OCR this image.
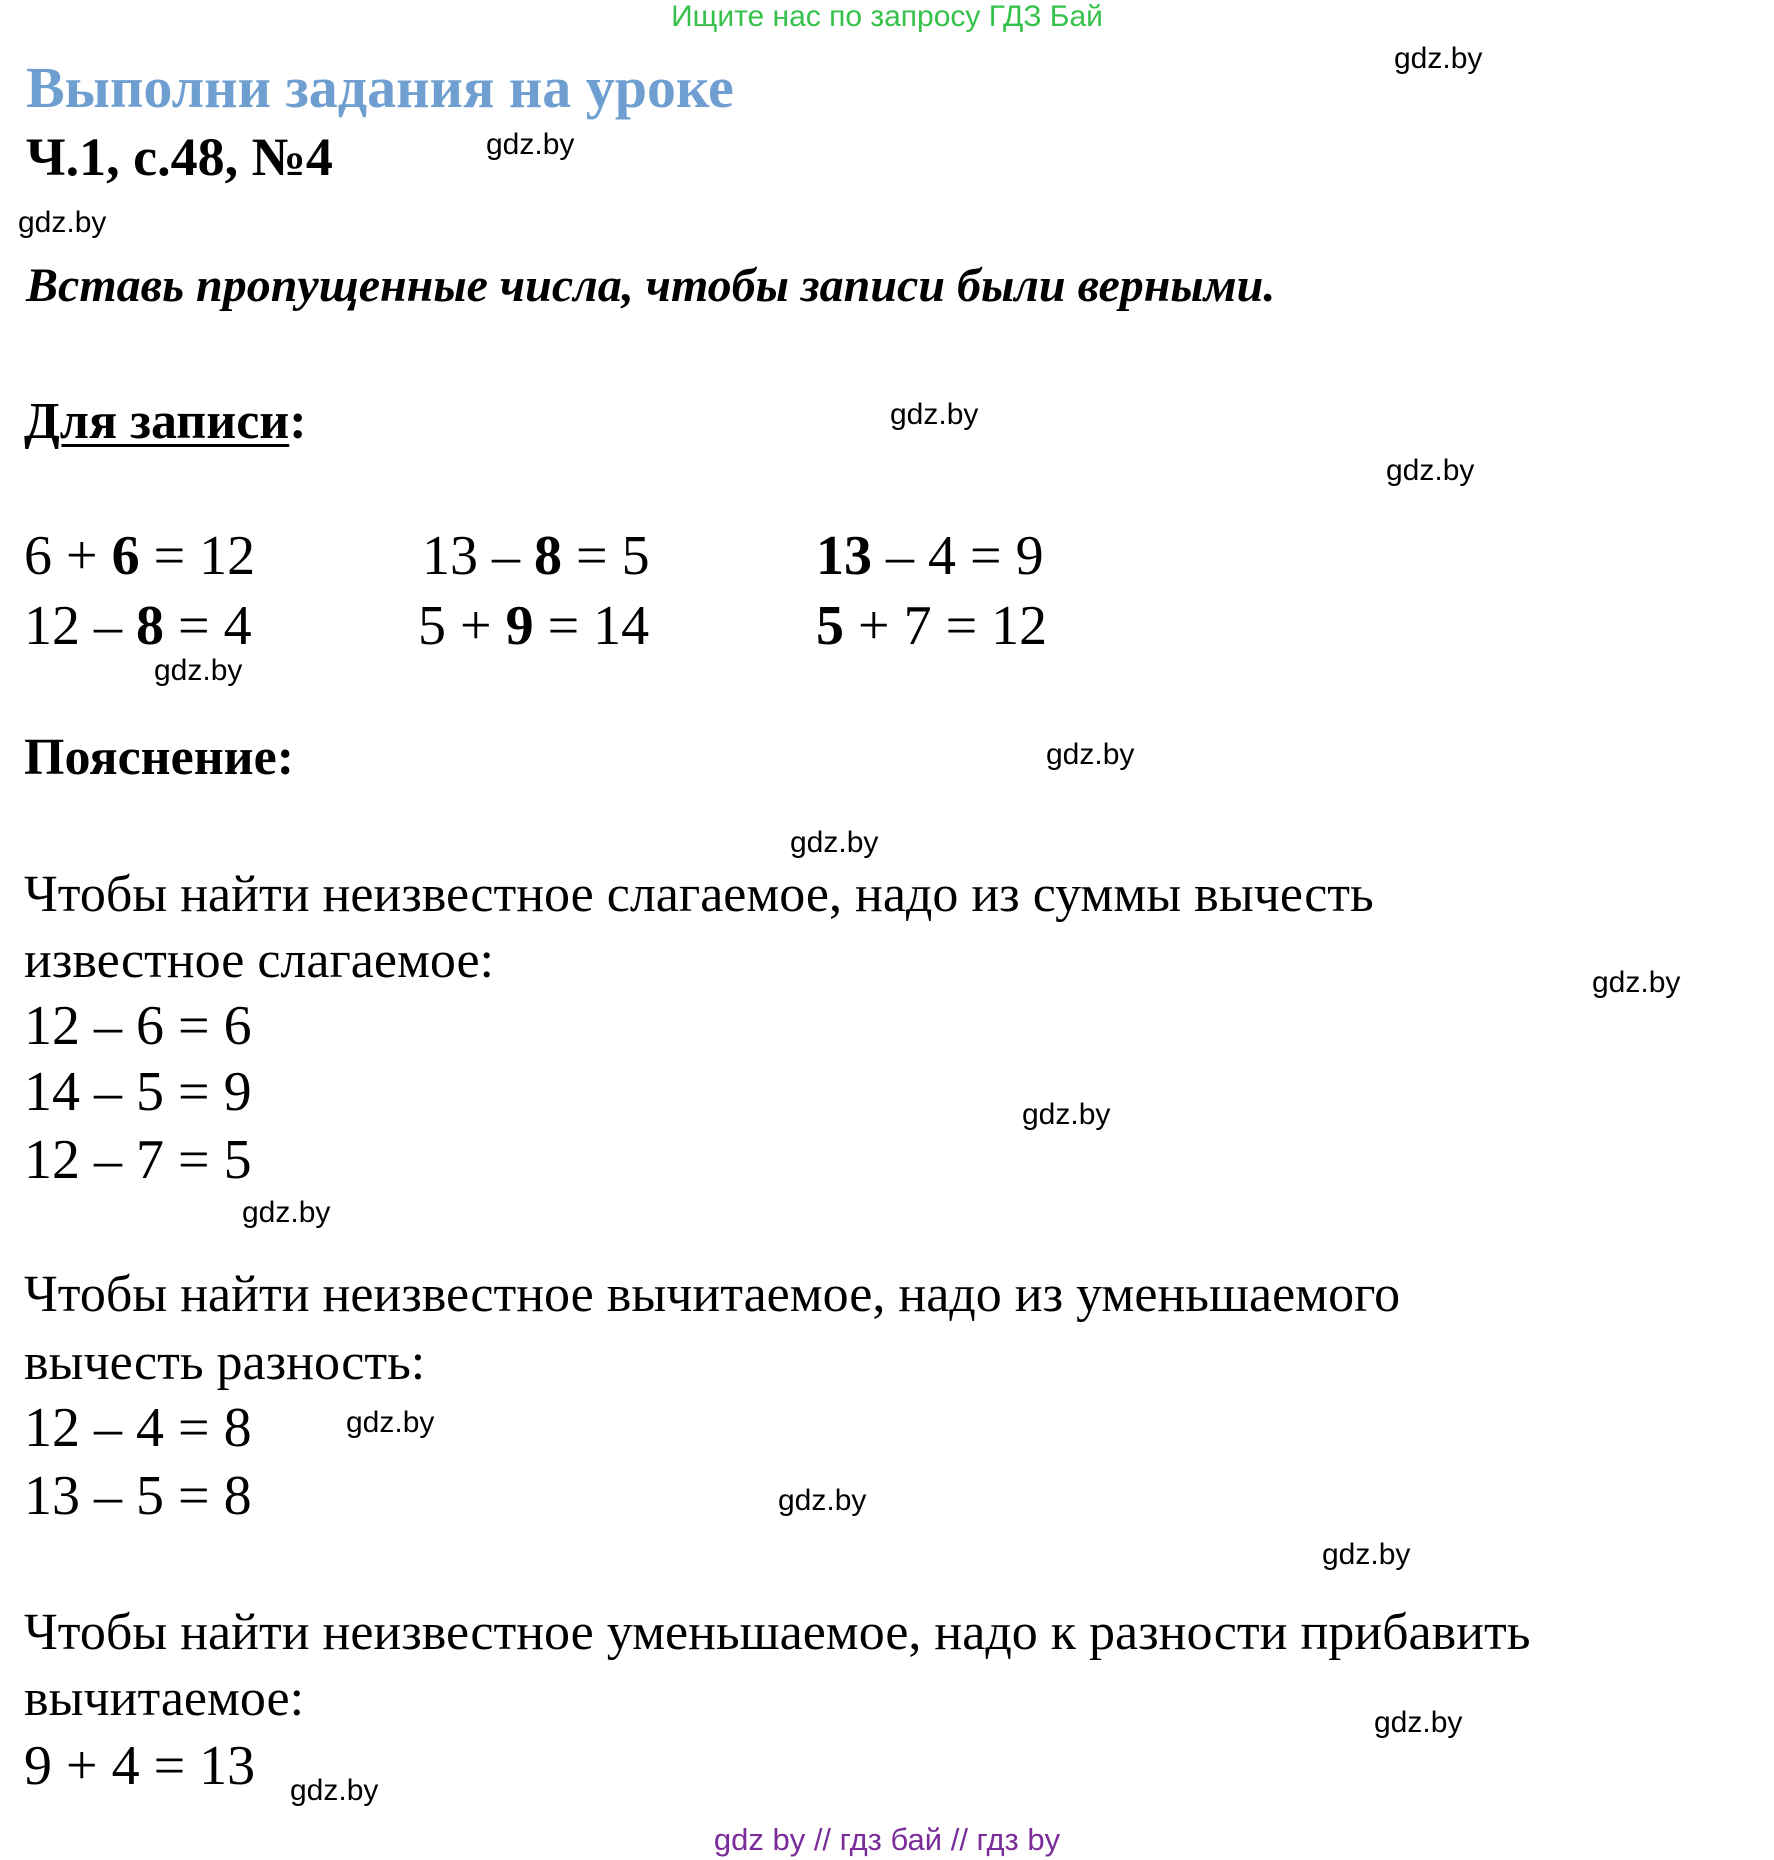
Ищите нас по запросу ГДЗ Бай
Выполни задания на уроке
Ч.1, с.48, №4
Вставь пропущенные числа, чтобы записи были верными.
Для записи:
6 + 6 = 12
12 – 8 = 4
13 – 8 = 5
5 + 9 = 14
13 – 4 = 9
5 + 7 = 12
Пояснение:
Чтобы найти неизвестное слагаемое, надо из суммы вычесть
известное слагаемое:
12 – 6 = 6
14 – 5 = 9
12 – 7 = 5
Чтобы найти неизвестное вычитаемое, надо из уменьшаемого
вычесть разность:
12 – 4 = 8
13 – 5 = 8
Чтобы найти неизвестное уменьшаемое, надо к разности прибавить
вычитаемое:
9 + 4 = 13
gdz.by
gdz.by
gdz.by
gdz.by
gdz.by
gdz.by
gdz.by
gdz.by
gdz.by
gdz.by
gdz.by
gdz.by
gdz.by
gdz.by
gdz.by
gdz.by
gdz by // гдз бай // гдз by
